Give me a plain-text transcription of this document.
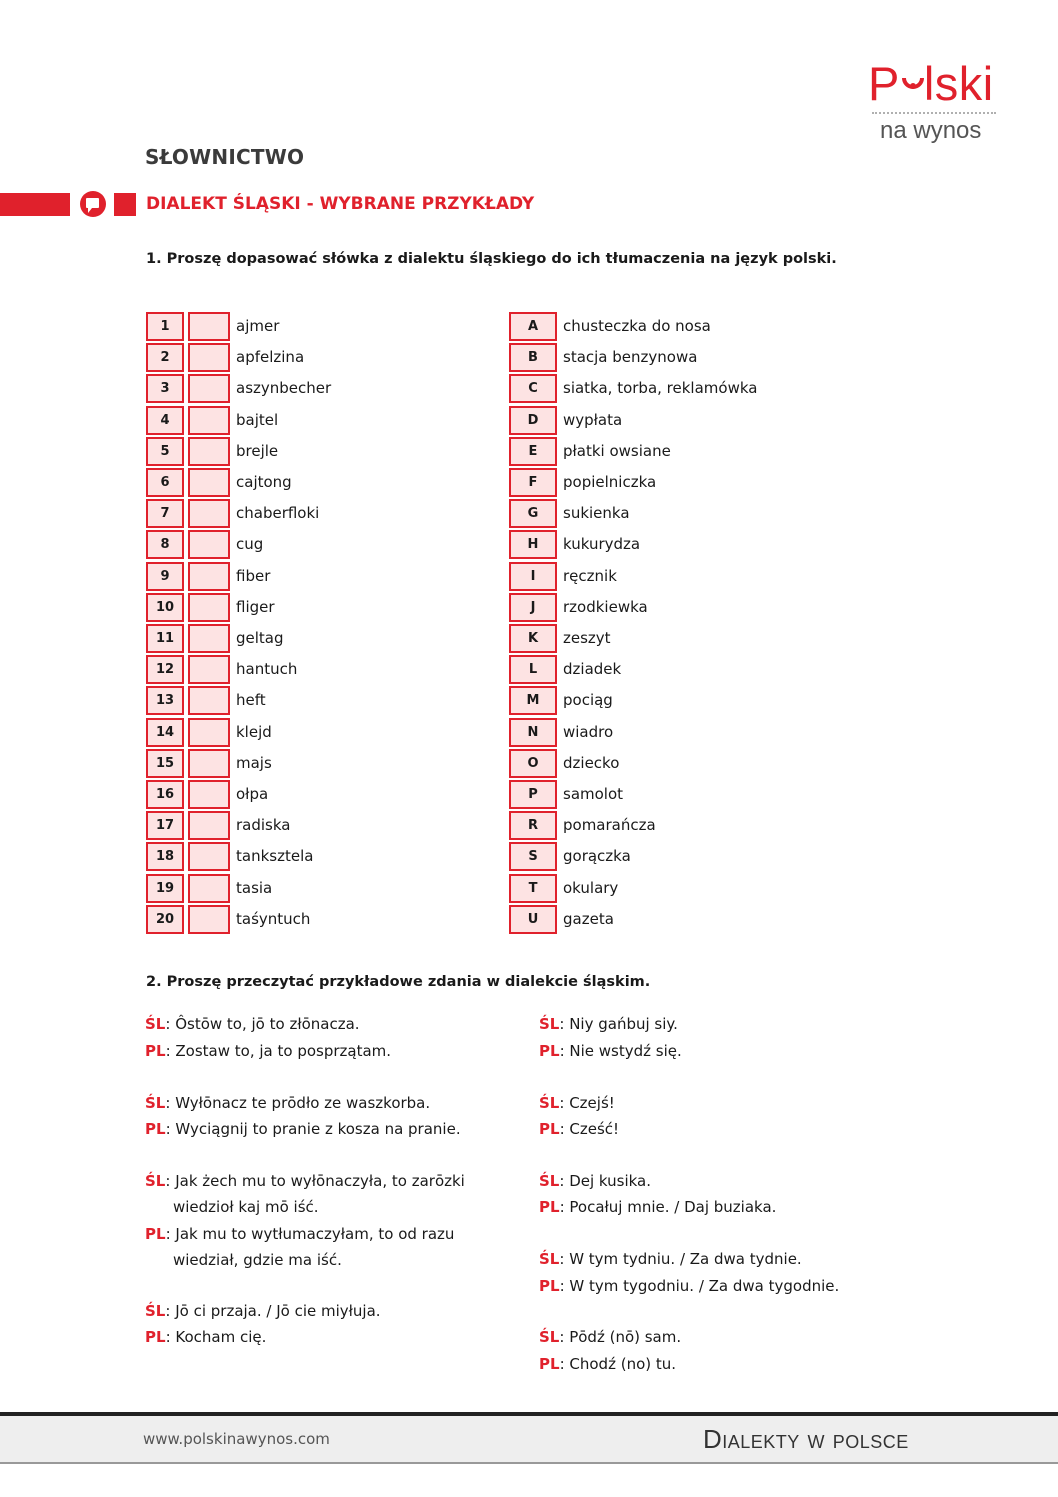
P lski
na wynos
SŁOWNICTWO
DIALEKT ŚLĄSKI - WYBRANE PRZYKŁADY
1. Proszę dopasować słówka z dialektu śląskiego do ich tłumaczenia na język polski.
1	ajmer
2	apfelzina
3	aszynbecher
4	bajtel
5	brejle
6	cajtong
7	chaberfloki
8	cug
9	fiber
10	fliger
11	geltag
12	hantuch
13	heft
14	klejd
15	majs
16	ołpa
17	radiska
18	tanksztela
19	tasia
20	taśyntuch
A	chusteczka do nosa
B	stacja benzynowa
C	siatka, torba, reklamówka
D	wypłata
E	płatki owsiane
F	popielniczka
G	sukienka
H	kukurydza
I	ręcznik
J	rzodkiewka
K	zeszyt
L	dziadek
M	pociąg
N	wiadro
O	dziecko
P	samolot
R	pomarańcza
S	gorączka
T	okulary
U	gazeta
2. Proszę przeczytać przykładowe zdania w dialekcie śląskim.
ŚL: Ôstōw to, jō to złōnacza.
PL: Zostaw to, ja to posprzątam.
ŚL: Wyłōnacz te prōdło ze waszkorba.
PL: Wyciągnij to pranie z kosza na pranie.
ŚL: Jak żech mu to wyłōnaczyła, to zarōzki
wiedzioł kaj mō iść.
PL: Jak mu to wytłumaczyłam, to od razu
wiedział, gdzie ma iść.
ŚL: Jō ci przaja. / Jō cie miyłuja.
PL: Kocham cię.
ŚL: Niy gańbuj siy.
PL: Nie wstydź się.
ŚL: Czejś!
PL: Cześć!
ŚL: Dej kusika.
PL: Pocałuj mnie. / Daj buziaka.
ŚL: W tym tydniu. / Za dwa tydnie.
PL: W tym tygodniu. / Za dwa tygodnie.
ŚL: Pōdź (nō) sam.
PL: Chodź (no) tu.
www.polskinawynos.com	Dialekty w polsce
